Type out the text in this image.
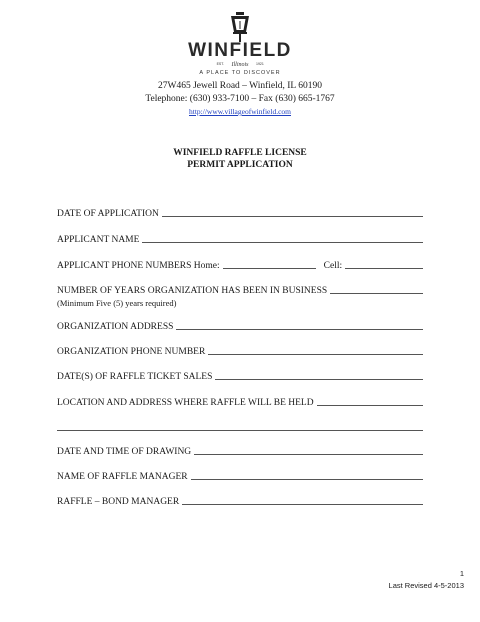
WINFIELD
EST. Illinois 1921
A PLACE TO DISCOVER
27W465 Jewell Road – Winfield, IL 60190
Telephone: (630) 933-7100 – Fax (630) 665-1767
http://www.villageofwinfield.com
WINFIELD RAFFLE LICENSE
PERMIT APPLICATION
DATE OF APPLICATION
APPLICANT NAME
APPLICANT PHONE NUMBERS Home:	Cell:
NUMBER OF YEARS ORGANIZATION HAS BEEN IN BUSINESS
(Minimum Five (5) years required)
ORGANIZATION ADDRESS
ORGANIZATION PHONE NUMBER
DATE(S) OF RAFFLE TICKET SALES
LOCATION AND ADDRESS WHERE RAFFLE WILL BE HELD
DATE AND TIME OF DRAWING
NAME OF RAFFLE MANAGER
RAFFLE – BOND MANAGER
1
Last Revised 4-5-2013
